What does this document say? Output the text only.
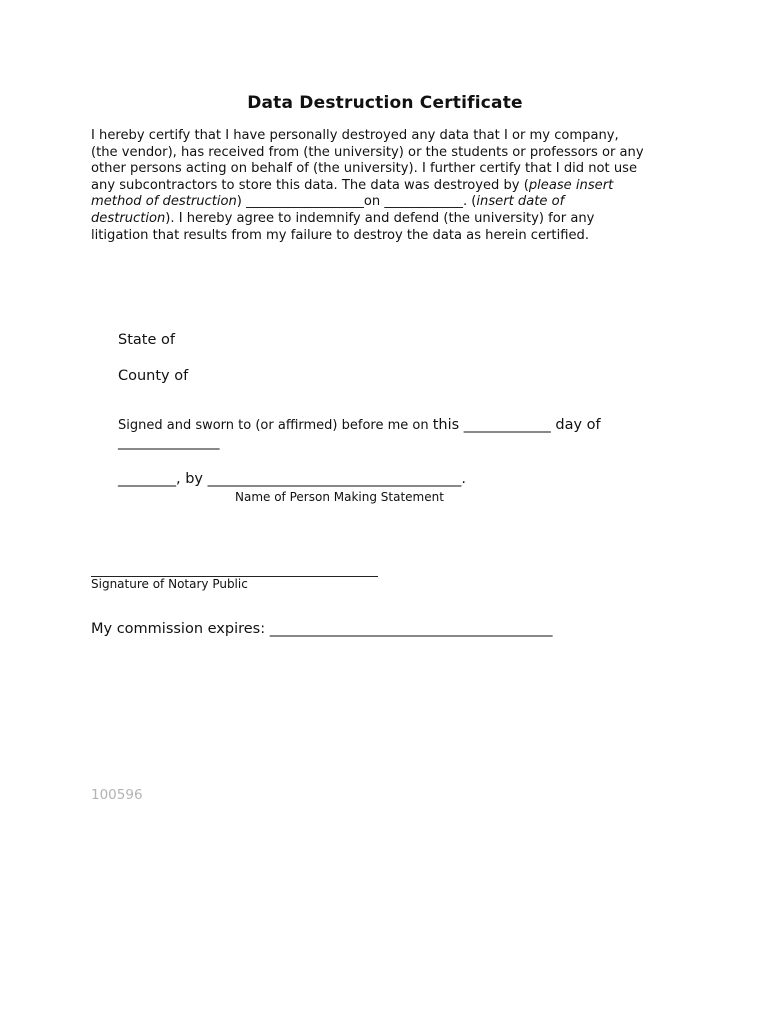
Data Destruction Certificate
I hereby certify that I have personally destroyed any data that I or my company,
(the vendor), has received from (the university) or the students or professors or any
other persons acting on behalf of (the university). I further certify that I did not use
any subcontractors to store this data. The data was destroyed by (please insert
method of destruction) __________________on ____________. (insert date of
destruction). I hereby agree to indemnify and defend (the university) for any
litigation that results from my failure to destroy the data as herein certified.
State of
County of
Signed and sworn to (or affirmed) before me on this ____________ day of
______________
________, by ___________________________________.
Name of Person Making Statement
Signature of Notary Public
My commission expires: _______________________________________
100596
